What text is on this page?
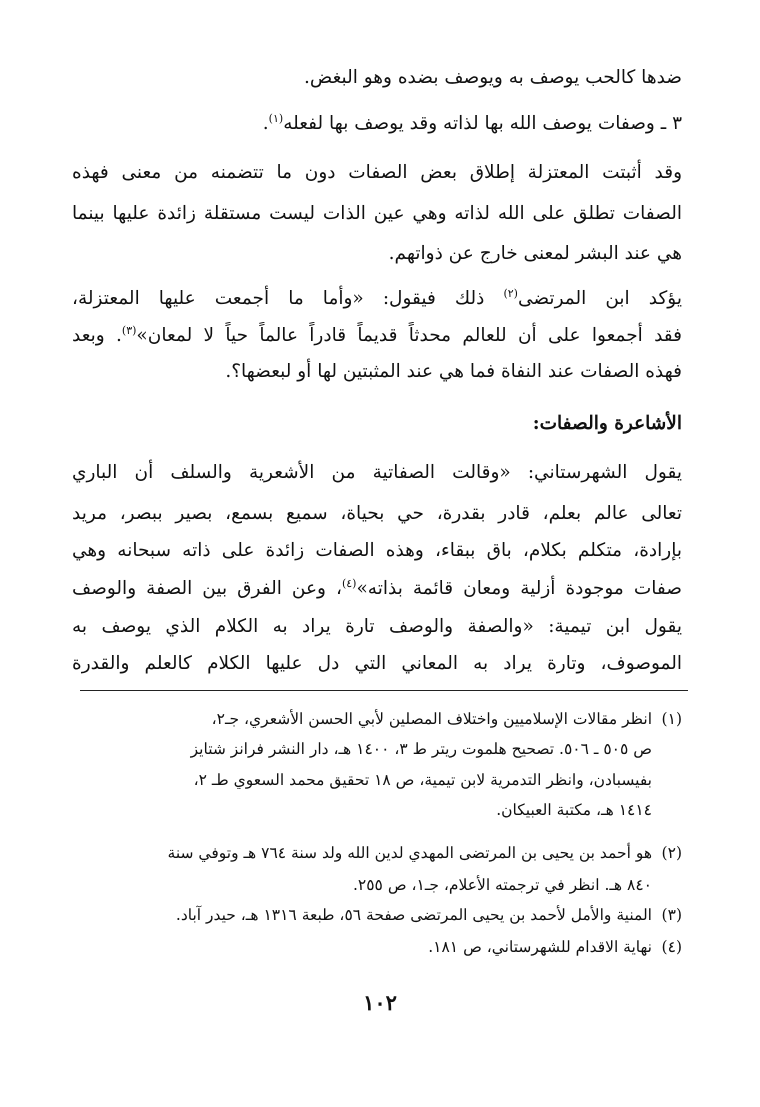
ضدها كالحب يوصف به ويوصف بضده وهو البغض.
٣ ـ وصفات يوصف الله بها لذاته وقد يوصف بها لفعله$^{(١)}$.
وقد أثبتت المعتزلة إطلاق بعض الصفات دون ما تتضمنه من معنى فهذه
الصفات تطلق على الله لذاته وهي عين الذات ليست مستقلة زائدة عليها بينما
هي عند البشر لمعنى خارج عن ذواتهم.
يؤكد ابن المرتضى$^{(٢)}$ ذلك فيقول: «وأما ما أجمعت عليها المعتزلة،
فقد أجمعوا على أن للعالم محدثاً قديماً قادراً عالماً حياً لا لمعان»$^{(٣)}$. وبعد
فهذه الصفات عند النفاة فما هي عند المثبتين لها أو لبعضها؟.
الأشاعرة والصفات:
يقول الشهرستاني: «وقالت الصفاتية من الأشعرية والسلف أن الباري
تعالى عالم بعلم، قادر بقدرة، حي بحياة، سميع بسمع، بصير ببصر، مريد
بإرادة، متكلم بكلام، باق ببقاء، وهذه الصفات زائدة على ذاته سبحانه وهي
صفات موجودة أزلية ومعان قائمة بذاته»$^{(٤)}$، وعن الفرق بين الصفة والوصف
يقول ابن تيمية: «والصفة والوصف تارة يراد به الكلام الذي يوصف به
الموصوف، وتارة يراد به المعاني التي دل عليها الكلام كالعلم والقدرة
(١)انظر مقالات الإسلاميين واختلاف المصلين لأبي الحسن الأشعري، جـ٢،
ص ٥٠٥ ـ ٥٠٦. تصحيح هلموت ريتر ط ٣، ١٤٠٠ هـ، دار النشر فرانز شتايز
بفيسبادن، وانظر التدمرية لابن تيمية، ص ١٨ تحقيق محمد السعوي طـ ٢،
١٤١٤ هـ، مكتبة العبيكان.
(٢)هو أحمد بن يحيى بن المرتضى المهدي لدين الله ولد سنة ٧٦٤ هـ وتوفي سنة
٨٤٠ هـ. انظر في ترجمته الأعلام، جـ١، ص ٢٥٥.
(٣)المنية والأمل لأحمد بن يحيى المرتضى صفحة ٥٦، طبعة ١٣١٦ هـ، حيدر آباد.
(٤)نهاية الاقدام للشهرستاني، ص ١٨١.
١٠٢
